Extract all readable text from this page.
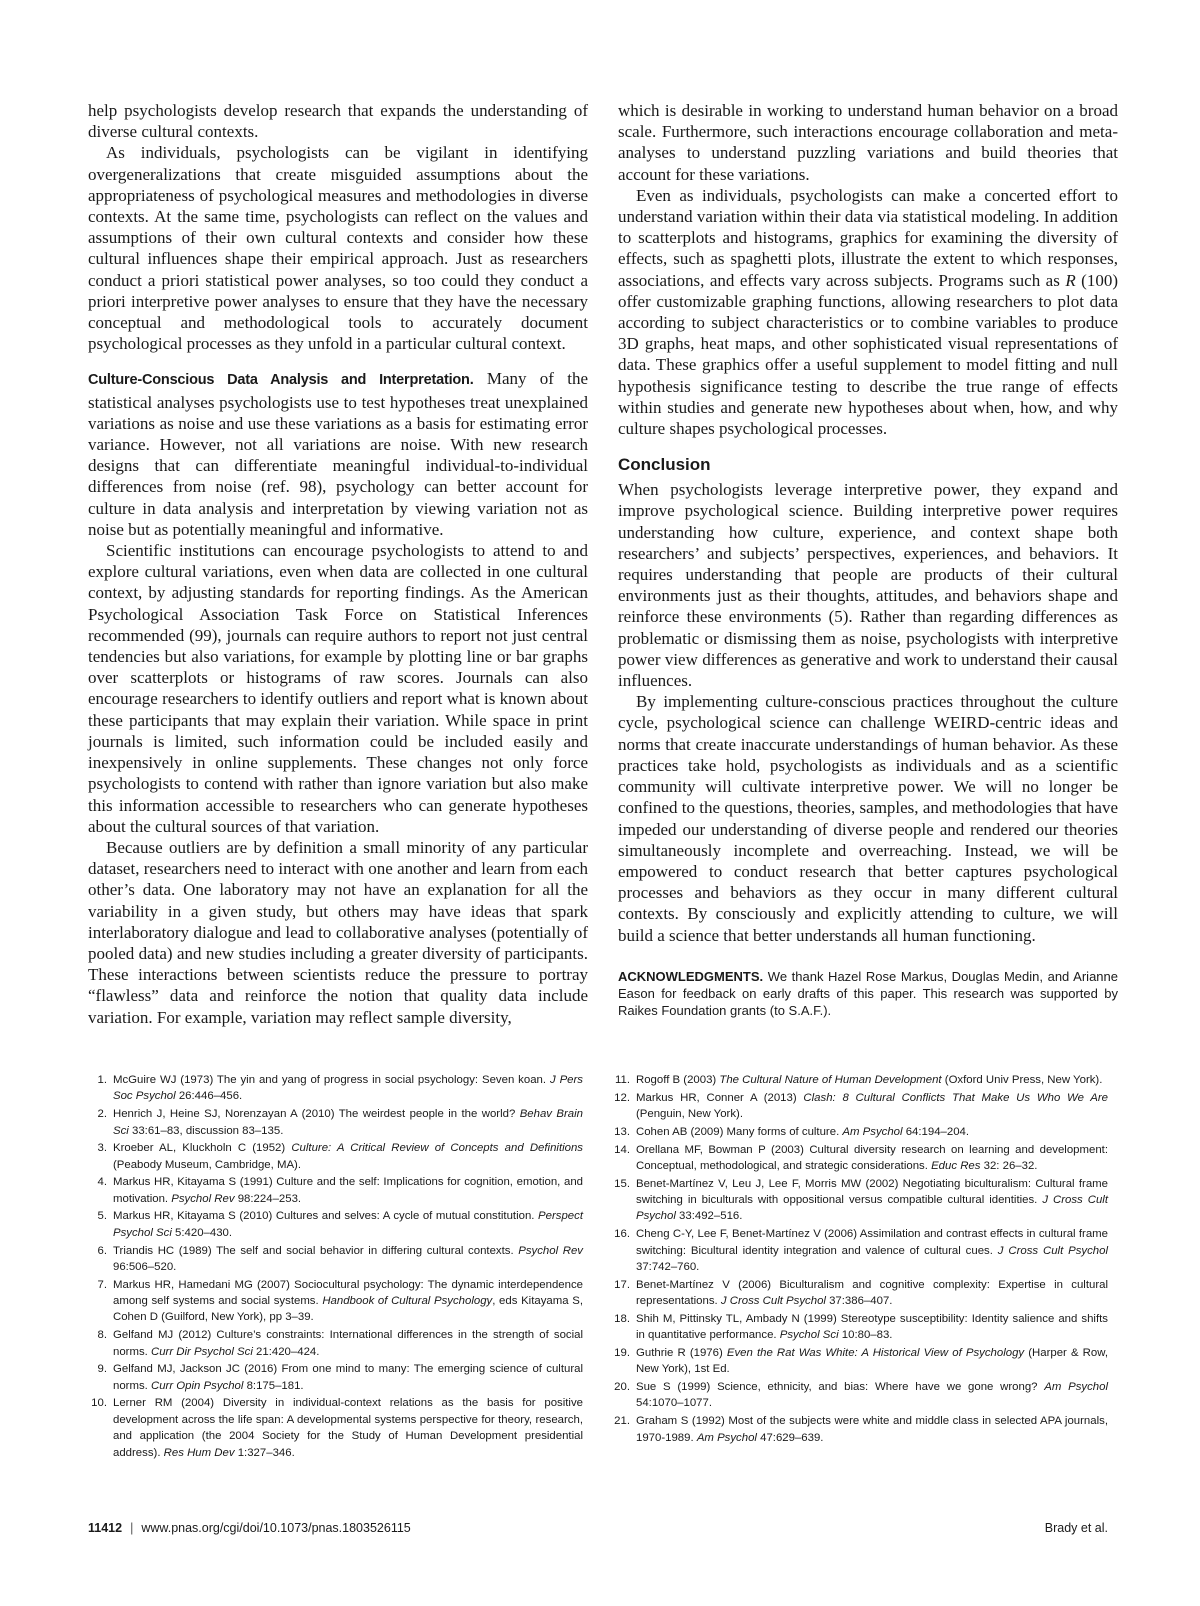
help psychologists develop research that expands the understanding of diverse cultural contexts.

As individuals, psychologists can be vigilant in identifying overgeneralizations that create misguided assumptions about the appropriateness of psychological measures and methodologies in diverse contexts. At the same time, psychologists can reflect on the values and assumptions of their own cultural contexts and consider how these cultural influences shape their empirical approach. Just as researchers conduct a priori statistical power analyses, so too could they conduct a priori interpretive power analyses to ensure that they have the necessary conceptual and methodological tools to accurately document psychological processes as they unfold in a particular cultural context.

Culture-Conscious Data Analysis and Interpretation. Many of the statistical analyses psychologists use to test hypotheses treat unexplained variations as noise and use these variations as a basis for estimating error variance. However, not all variations are noise. With new research designs that can differentiate meaningful individual-to-individual differences from noise (ref. 98), psychology can better account for culture in data analysis and interpretation by viewing variation not as noise but as potentially meaningful and informative.

Scientific institutions can encourage psychologists to attend to and explore cultural variations, even when data are collected in one cultural context, by adjusting standards for reporting findings. As the American Psychological Association Task Force on Statistical Inferences recommended (99), journals can require authors to report not just central tendencies but also variations, for example by plotting line or bar graphs over scatterplots or histograms of raw scores. Journals can also encourage researchers to identify outliers and report what is known about these participants that may explain their variation. While space in print journals is limited, such information could be included easily and inexpensively in online supplements. These changes not only force psychologists to contend with rather than ignore variation but also make this information accessible to researchers who can generate hypotheses about the cultural sources of that variation.

Because outliers are by definition a small minority of any particular dataset, researchers need to interact with one another and learn from each other’s data. One laboratory may not have an explanation for all the variability in a given study, but others may have ideas that spark interlaboratory dialogue and lead to collaborative analyses (potentially of pooled data) and new studies including a greater diversity of participants. These interactions between scientists reduce the pressure to portray “flawless” data and reinforce the notion that quality data include variation. For example, variation may reflect sample diversity,

which is desirable in working to understand human behavior on a broad scale. Furthermore, such interactions encourage collaboration and meta-analyses to understand puzzling variations and build theories that account for these variations.

Even as individuals, psychologists can make a concerted effort to understand variation within their data via statistical modeling. In addition to scatterplots and histograms, graphics for examining the diversity of effects, such as spaghetti plots, illustrate the extent to which responses, associations, and effects vary across subjects. Programs such as R (100) offer customizable graphing functions, allowing researchers to plot data according to subject characteristics or to combine variables to produce 3D graphs, heat maps, and other sophisticated visual representations of data. These graphics offer a useful supplement to model fitting and null hypothesis significance testing to describe the true range of effects within studies and generate new hypotheses about when, how, and why culture shapes psychological processes.

Conclusion

When psychologists leverage interpretive power, they expand and improve psychological science. Building interpretive power requires understanding how culture, experience, and context shape both researchers’ and subjects’ perspectives, experiences, and behaviors. It requires understanding that people are products of their cultural environments just as their thoughts, attitudes, and behaviors shape and reinforce these environments (5). Rather than regarding differences as problematic or dismissing them as noise, psychologists with interpretive power view differences as generative and work to understand their causal influences.

By implementing culture-conscious practices throughout the culture cycle, psychological science can challenge WEIRD-centric ideas and norms that create inaccurate understandings of human behavior. As these practices take hold, psychologists as individuals and as a scientific community will cultivate interpretive power. We will no longer be confined to the questions, theories, samples, and methodologies that have impeded our understanding of diverse people and rendered our theories simultaneously incomplete and overreaching. Instead, we will be empowered to conduct research that better captures psychological processes and behaviors as they occur in many different cultural contexts. By consciously and explicitly attending to culture, we will build a science that better understands all human functioning.

ACKNOWLEDGMENTS. We thank Hazel Rose Markus, Douglas Medin, and Arianne Eason for feedback on early drafts of this paper. This research was supported by Raikes Foundation grants (to S.A.F.).

1. McGuire WJ (1973) The yin and yang of progress in social psychology: Seven koan. J Pers Soc Psychol 26:446–456.
2. Henrich J, Heine SJ, Norenzayan A (2010) The weirdest people in the world? Behav Brain Sci 33:61–83, discussion 83–135.
3. Kroeber AL, Kluckholn C (1952) Culture: A Critical Review of Concepts and Definitions (Peabody Museum, Cambridge, MA).
4. Markus HR, Kitayama S (1991) Culture and the self: Implications for cognition, emotion, and motivation. Psychol Rev 98:224–253.
5. Markus HR, Kitayama S (2010) Cultures and selves: A cycle of mutual constitution. Perspect Psychol Sci 5:420–430.
6. Triandis HC (1989) The self and social behavior in differing cultural contexts. Psychol Rev 96:506–520.
7. Markus HR, Hamedani MG (2007) Sociocultural psychology: The dynamic interdependence among self systems and social systems. Handbook of Cultural Psychology, eds Kitayama S, Cohen D (Guilford, New York), pp 3–39.
8. Gelfand MJ (2012) Culture’s constraints: International differences in the strength of social norms. Curr Dir Psychol Sci 21:420–424.
9. Gelfand MJ, Jackson JC (2016) From one mind to many: The emerging science of cultural norms. Curr Opin Psychol 8:175–181.
10. Lerner RM (2004) Diversity in individual-context relations as the basis for positive development across the life span: A developmental systems perspective for theory, research, and application (the 2004 Society for the Study of Human Development presidential address). Res Hum Dev 1:327–346.
11. Rogoff B (2003) The Cultural Nature of Human Development (Oxford Univ Press, New York).
12. Markus HR, Conner A (2013) Clash: 8 Cultural Conflicts That Make Us Who We Are (Penguin, New York).
13. Cohen AB (2009) Many forms of culture. Am Psychol 64:194–204.
14. Orellana MF, Bowman P (2003) Cultural diversity research on learning and development: Conceptual, methodological, and strategic considerations. Educ Res 32: 26–32.
15. Benet-Martínez V, Leu J, Lee F, Morris MW (2002) Negotiating biculturalism: Cultural frame switching in biculturals with oppositional versus compatible cultural identities. J Cross Cult Psychol 33:492–516.
16. Cheng C-Y, Lee F, Benet-Martínez V (2006) Assimilation and contrast effects in cultural frame switching: Bicultural identity integration and valence of cultural cues. J Cross Cult Psychol 37:742–760.
17. Benet-Martínez V (2006) Biculturalism and cognitive complexity: Expertise in cultural representations. J Cross Cult Psychol 37:386–407.
18. Shih M, Pittinsky TL, Ambady N (1999) Stereotype susceptibility: Identity salience and shifts in quantitative performance. Psychol Sci 10:80–83.
19. Guthrie R (1976) Even the Rat Was White: A Historical View of Psychology (Harper & Row, New York), 1st Ed.
20. Sue S (1999) Science, ethnicity, and bias: Where have we gone wrong? Am Psychol 54:1070–1077.
21. Graham S (1992) Most of the subjects were white and middle class in selected APA journals, 1970-1989. Am Psychol 47:629–639.
11412 | www.pnas.org/cgi/doi/10.1073/pnas.1803526115	Brady et al.
